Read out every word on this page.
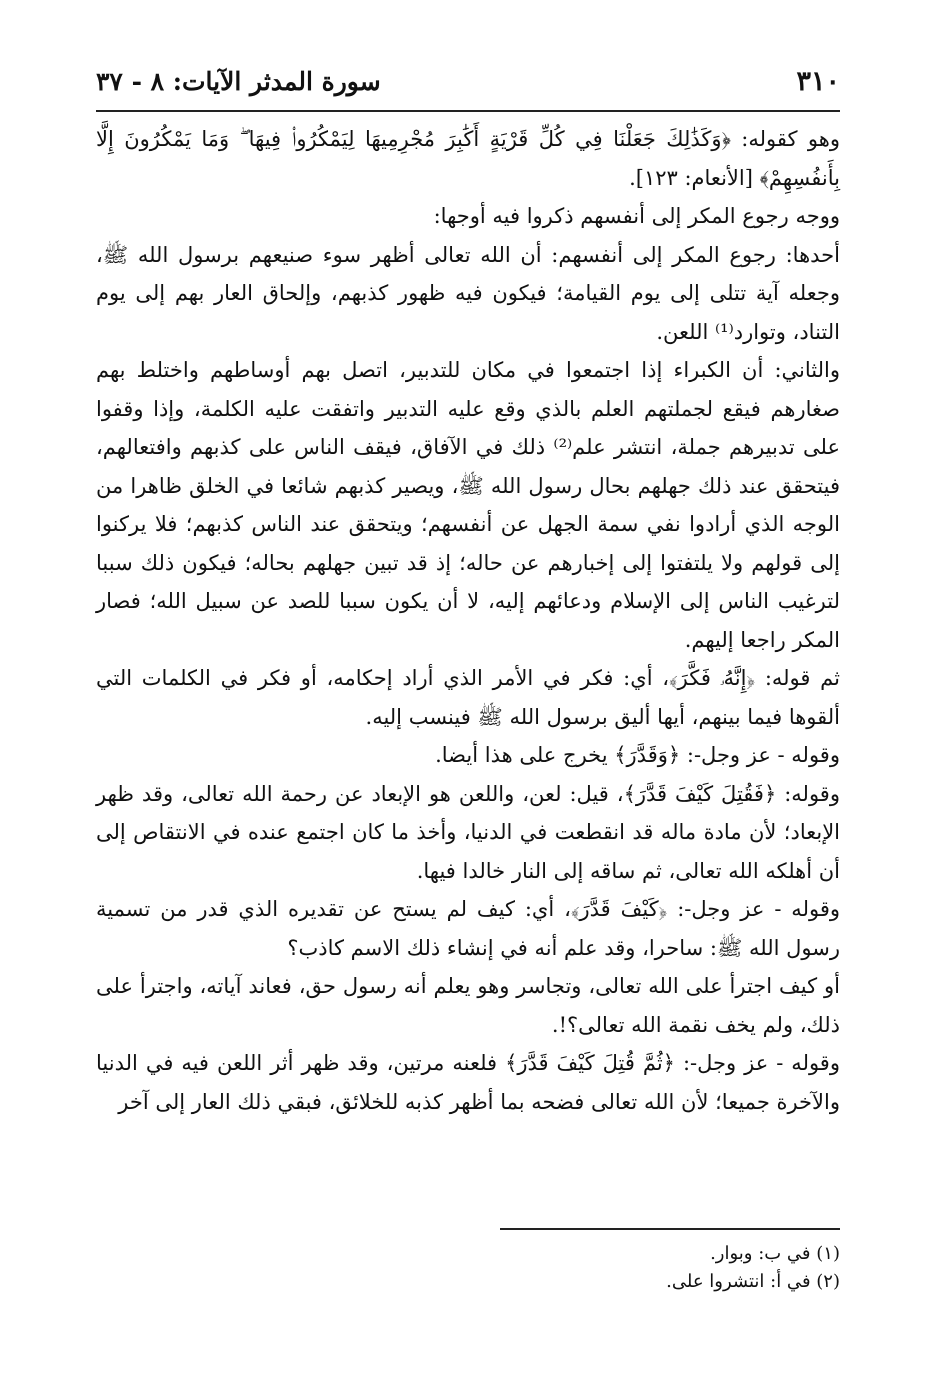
٣١٠
سورة المدثر الآيات: ٨ - ٣٧

وهو كقوله: ﴿وَكَذَٰلِكَ جَعَلْنَا فِي كُلِّ قَرْيَةٍ أَكَٰبِرَ مُجْرِمِيهَا لِيَمْكُرُوا۟ فِيهَا ۖ وَمَا يَمْكُرُونَ إِلَّا بِأَنفُسِهِمْ﴾ [الأنعام: ١٢٣].

ووجه رجوع المكر إلى أنفسهم ذكروا فيه أوجها:

أحدها: رجوع المكر إلى أنفسهم: أن الله تعالى أظهر سوء صنيعهم برسول الله ﷺ، وجعله آية تتلى إلى يوم القيامة؛ فيكون فيه ظهور كذبهم، وإلحاق العار بهم إلى يوم التناد، وتوارد⁽¹⁾ اللعن.

والثاني: أن الكبراء إذا اجتمعوا في مكان للتدبير، اتصل بهم أوساطهم واختلط بهم صغارهم فيقع لجملتهم العلم بالذي وقع عليه التدبير واتفقت عليه الكلمة، وإذا وقفوا على تدبيرهم جملة، انتشر علم⁽²⁾ ذلك في الآفاق، فيقف الناس على كذبهم وافتعالهم، فيتحقق عند ذلك جهلهم بحال رسول الله ﷺ، ويصير كذبهم شائعا في الخلق ظاهرا من الوجه الذي أرادوا نفي سمة الجهل عن أنفسهم؛ ويتحقق عند الناس كذبهم؛ فلا يركنوا إلى قولهم ولا يلتفتوا إلى إخبارهم عن حاله؛ إذ قد تبين جهلهم بحاله؛ فيكون ذلك سببا لترغيب الناس إلى الإسلام ودعائهم إليه، لا أن يكون سببا للصد عن سبيل الله؛ فصار المكر راجعا إليهم.

ثم قوله: ﴿إِنَّهُۥ فَكَّرَ﴾، أي: فكر في الأمر الذي أراد إحكامه، أو فكر في الكلمات التي ألقوها فيما بينهم، أيها أليق برسول الله ﷺ فينسب إليه.

وقوله - عز وجل-: ﴿وَقَدَّرَ﴾ يخرج على هذا أيضا.

وقوله: ﴿فَقُتِلَ كَيْفَ قَدَّرَ﴾، قيل: لعن، واللعن هو الإبعاد عن رحمة الله تعالى، وقد ظهر الإبعاد؛ لأن مادة ماله قد انقطعت في الدنيا، وأخذ ما كان اجتمع عنده في الانتقاص إلى أن أهلكه الله تعالى، ثم ساقه إلى النار خالدا فيها.

وقوله - عز وجل-: ﴿كَيْفَ قَدَّرَ﴾، أي: كيف لم يستح عن تقديره الذي قدر من تسمية رسول الله ﷺ: ساحرا، وقد علم أنه في إنشاء ذلك الاسم كاذب؟

أو كيف اجترأ على الله تعالى، وتجاسر وهو يعلم أنه رسول حق، فعاند آياته، واجترأ على ذلك، ولم يخف نقمة الله تعالى؟!.

وقوله - عز وجل-: ﴿ثُمَّ قُتِلَ كَيْفَ قَدَّرَ﴾ فلعنه مرتين، وقد ظهر أثر اللعن فيه في الدنيا والآخرة جميعا؛ لأن الله تعالى فضحه بما أظهر كذبه للخلائق، فبقي ذلك العار إلى آخر

(١) في ب: وبوار.

(٢) في أ: انتشروا على.
